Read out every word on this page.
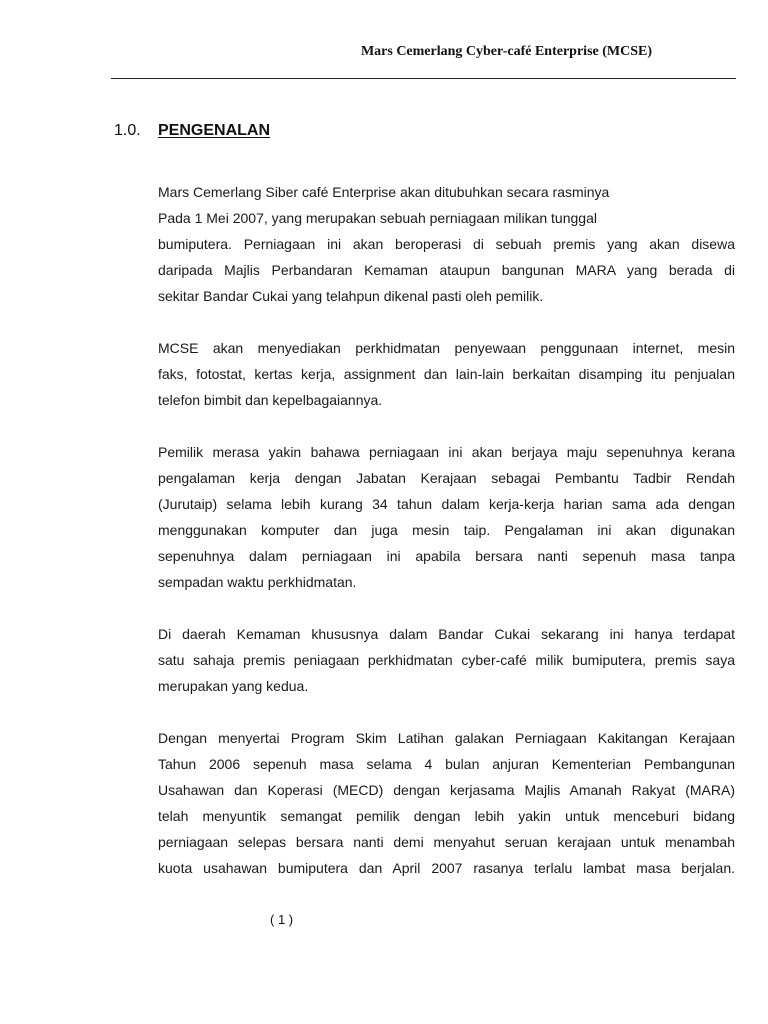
Mars Cemerlang Cyber-café Enterprise (MCSE)
1.0. PENGENALAN
Mars Cemerlang Siber café Enterprise akan ditubuhkan secara rasminya
Pada 1 Mei 2007, yang merupakan sebuah perniagaan milikan tunggal
bumiputera. Perniagaan ini akan beroperasi di sebuah premis yang akan disewa
daripada Majlis Perbandaran Kemaman ataupun bangunan MARA yang berada di
sekitar Bandar Cukai yang telahpun dikenal pasti oleh pemilik.
MCSE akan menyediakan perkhidmatan penyewaan penggunaan internet, mesin
faks, fotostat, kertas kerja, assignment dan lain-lain berkaitan disamping itu penjualan
telefon bimbit dan kepelbagaiannya.
Pemilik merasa yakin bahawa perniagaan ini akan berjaya maju sepenuhnya kerana
pengalaman kerja dengan Jabatan Kerajaan sebagai Pembantu Tadbir Rendah
(Jurutaip) selama lebih kurang 34 tahun dalam kerja-kerja harian sama ada dengan
menggunakan komputer dan juga mesin taip. Pengalaman ini akan digunakan
sepenuhnya dalam perniagaan ini apabila bersara nanti sepenuh masa tanpa
sempadan waktu perkhidmatan.
Di daerah Kemaman khususnya dalam Bandar Cukai sekarang ini hanya terdapat
satu sahaja premis peniagaan perkhidmatan cyber-café milik bumiputera, premis saya
merupakan yang kedua.
Dengan menyertai Program Skim Latihan galakan Perniagaan Kakitangan Kerajaan
Tahun 2006 sepenuh masa selama 4 bulan anjuran Kementerian Pembangunan
Usahawan dan Koperasi (MECD) dengan kerjasama Majlis Amanah Rakyat (MARA)
telah menyuntik semangat pemilik dengan lebih yakin untuk menceburi bidang
perniagaan selepas bersara nanti demi menyahut seruan kerajaan untuk menambah
kuota usahawan bumiputera dan April 2007 rasanya terlalu lambat masa berjalan.
( 1 )
